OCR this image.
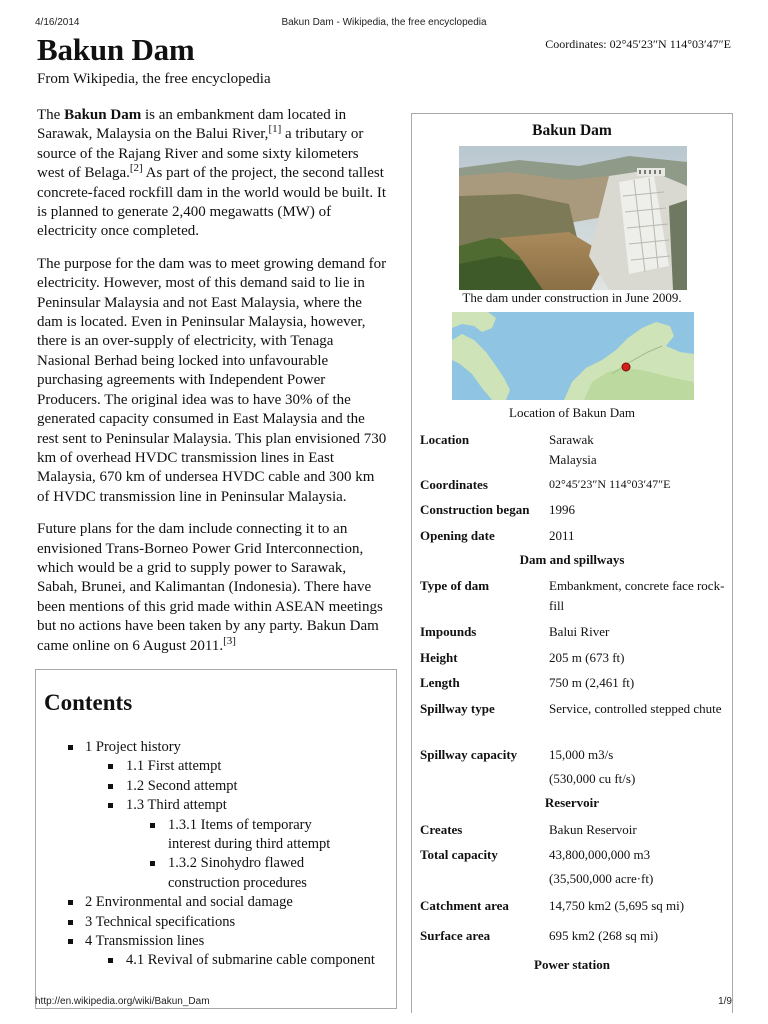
4/16/2014	Bakun Dam - Wikipedia, the free encyclopedia
Coordinates: 02°45′23″N 114°03′47″E
Bakun Dam
From Wikipedia, the free encyclopedia

The Bakun Dam is an embankment dam located in Sarawak, Malaysia on the Balui River,[1] a tributary or source of the Rajang River and some sixty kilometers west of Belaga.[2] As part of the project, the second tallest concrete-faced rockfill dam in the world would be built. It is planned to generate 2,400 megawatts (MW) of electricity once completed.

The purpose for the dam was to meet growing demand for electricity. However, most of this demand said to lie in Peninsular Malaysia and not East Malaysia, where the dam is located. Even in Peninsular Malaysia, however, there is an over-supply of electricity, with Tenaga Nasional Berhad being locked into unfavourable purchasing agreements with Independent Power Producers. The original idea was to have 30% of the generated capacity consumed in East Malaysia and the rest sent to Peninsular Malaysia. This plan envisioned 730 km of overhead HVDC transmission lines in East Malaysia, 670 km of undersea HVDC cable and 300 km of HVDC transmission line in Peninsular Malaysia.

Future plans for the dam include connecting it to an envisioned Trans-Borneo Power Grid Interconnection, which would be a grid to supply power to Sarawak, Sabah, Brunei, and Kalimantan (Indonesia). There have been mentions of this grid made within ASEAN meetings but no actions have been taken by any party. Bakun Dam came online on 6 August 2011.[3]

Contents
1 Project history
1.1 First attempt
1.2 Second attempt
1.3 Third attempt
1.3.1 Items of temporary interest during third attempt
1.3.2 Sinohydro flawed construction procedures
2 Environmental and social damage
3 Technical specifications
4 Transmission lines
4.1 Revival of submarine cable component
Bakun Dam
The dam under construction in June 2009.
Location of Bakun Dam
Location	Sarawak
Malaysia
Coordinates	02°45′23″N 114°03′47″E
Construction began 1996
Opening date	2011
Dam and spillways
Type of dam	Embankment, concrete face rock-fill
Impounds	Balui River
Height	205 m (673 ft)
Length	750 m (2,461 ft)
Spillway type	Service, controlled stepped chute
Spillway capacity 15,000 m3/s
(530,000 cu ft/s)
Reservoir
Creates	Bakun Reservoir
Total capacity	43,800,000,000 m3
(35,500,000 acre·ft)
Catchment area	14,750 km2 (5,695 sq mi)
Surface area	695 km2 (268 sq mi)
Power station
http://en.wikipedia.org/wiki/Bakun_Dam	1/9
